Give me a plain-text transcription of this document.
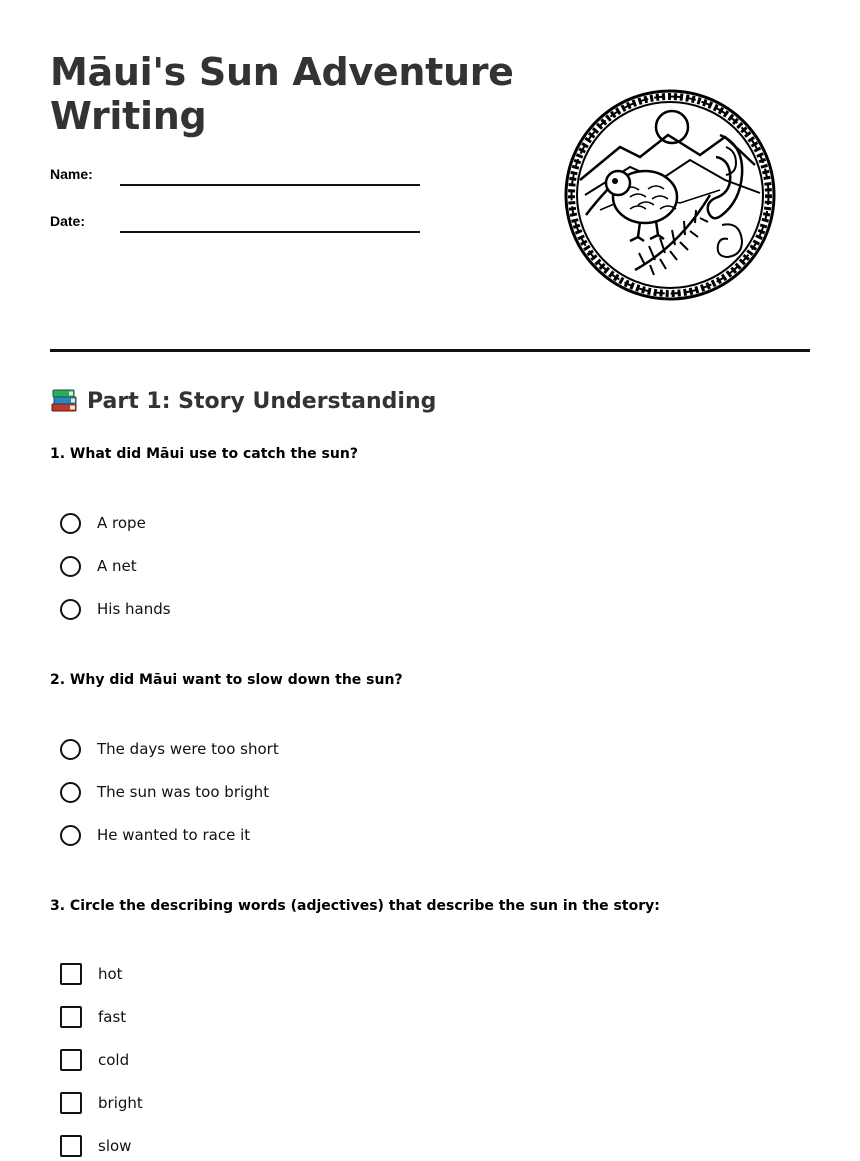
Māui's Sun Adventure Writing
Name:
Date:
Part 1: Story Understanding

1. What did Māui use to catch the sun?

A rope
A net
His hands

2. Why did Māui want to slow down the sun?

The days were too short
The sun was too bright
He wanted to race it

3. Circle the describing words (adjectives) that describe the sun in the story:

hot
fast
cold
bright
slow
